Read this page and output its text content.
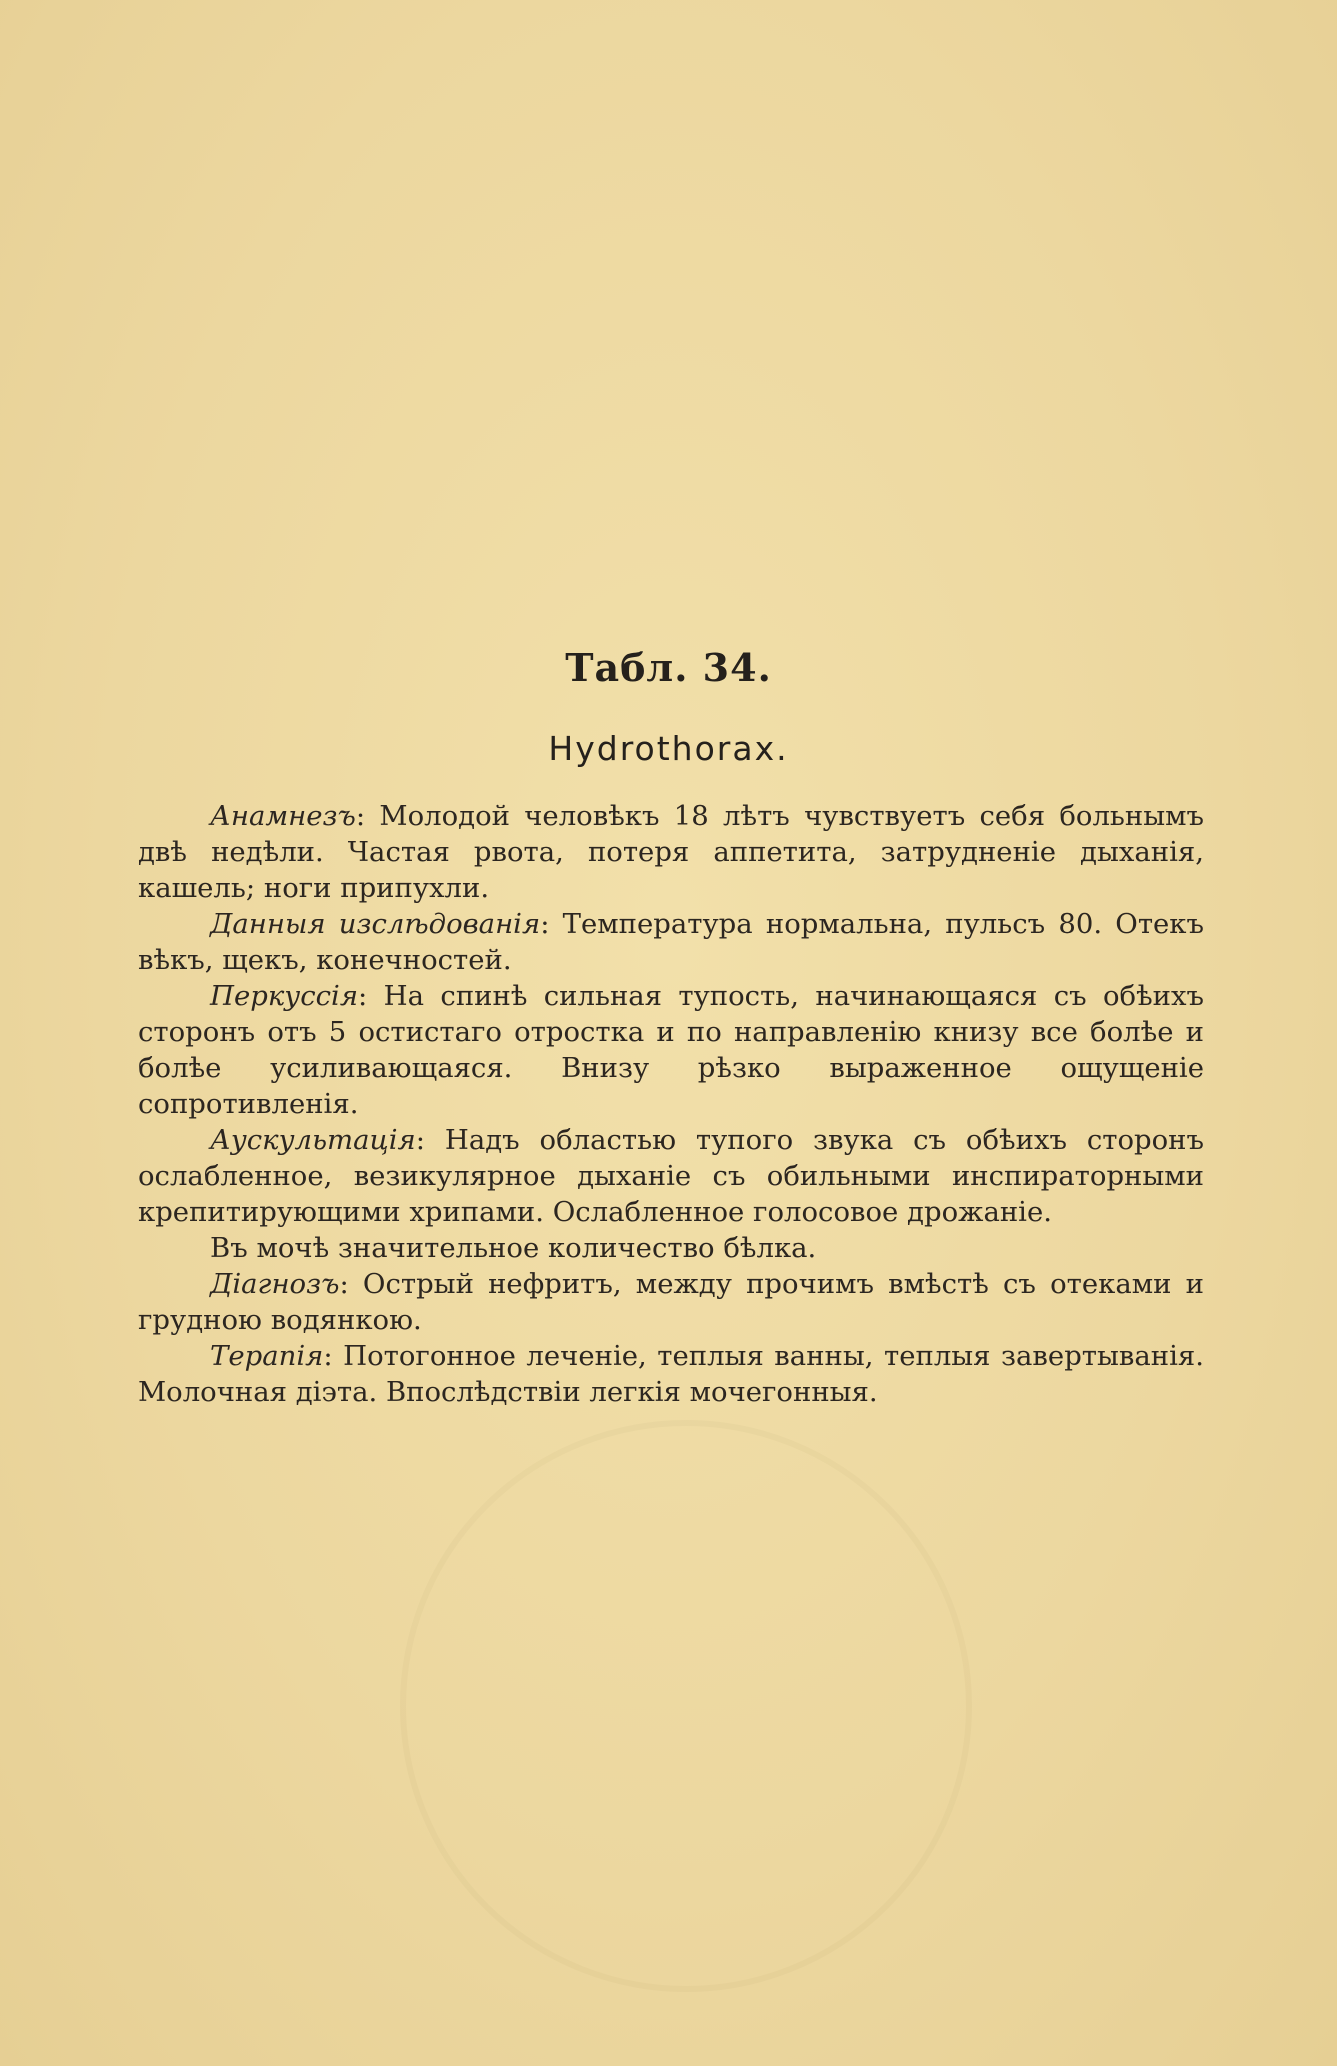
Табл. 34.
Hydrothorax.

Анамнезъ: Молодой человѣкъ 18 лѣтъ чувствуетъ себя больнымъ двѣ недѣли. Частая рвота, потеря аппетита, затрудненіе дыханія, кашель; ноги припухли.

Данныя изслѣдованія: Температура нормальна, пульсъ 80. Отекъ вѣкъ, щекъ, конечностей.

Перкуссія: На спинѣ сильная тупость, начинающаяся съ обѣихъ сторонъ отъ 5 остистаго отростка и по направленію книзу все болѣе и болѣе усиливающаяся. Внизу рѣзко выраженное ощущеніе сопротивленія.

Аускультація: Надъ областью тупого звука съ обѣихъ сторонъ ослабленное, везикулярное дыханіе съ обильными инспираторными крепитирующими хрипами. Ослабленное голосовое дрожаніе.

Въ мочѣ значительное количество бѣлка.

Діагнозъ: Острый нефритъ, между прочимъ вмѣстѣ съ отеками и грудною водянкою.

Терапія: Потогонное леченіе, теплыя ванны, теплыя завертыванія. Молочная діэта. Впослѣдствіи легкія мочегонныя.
